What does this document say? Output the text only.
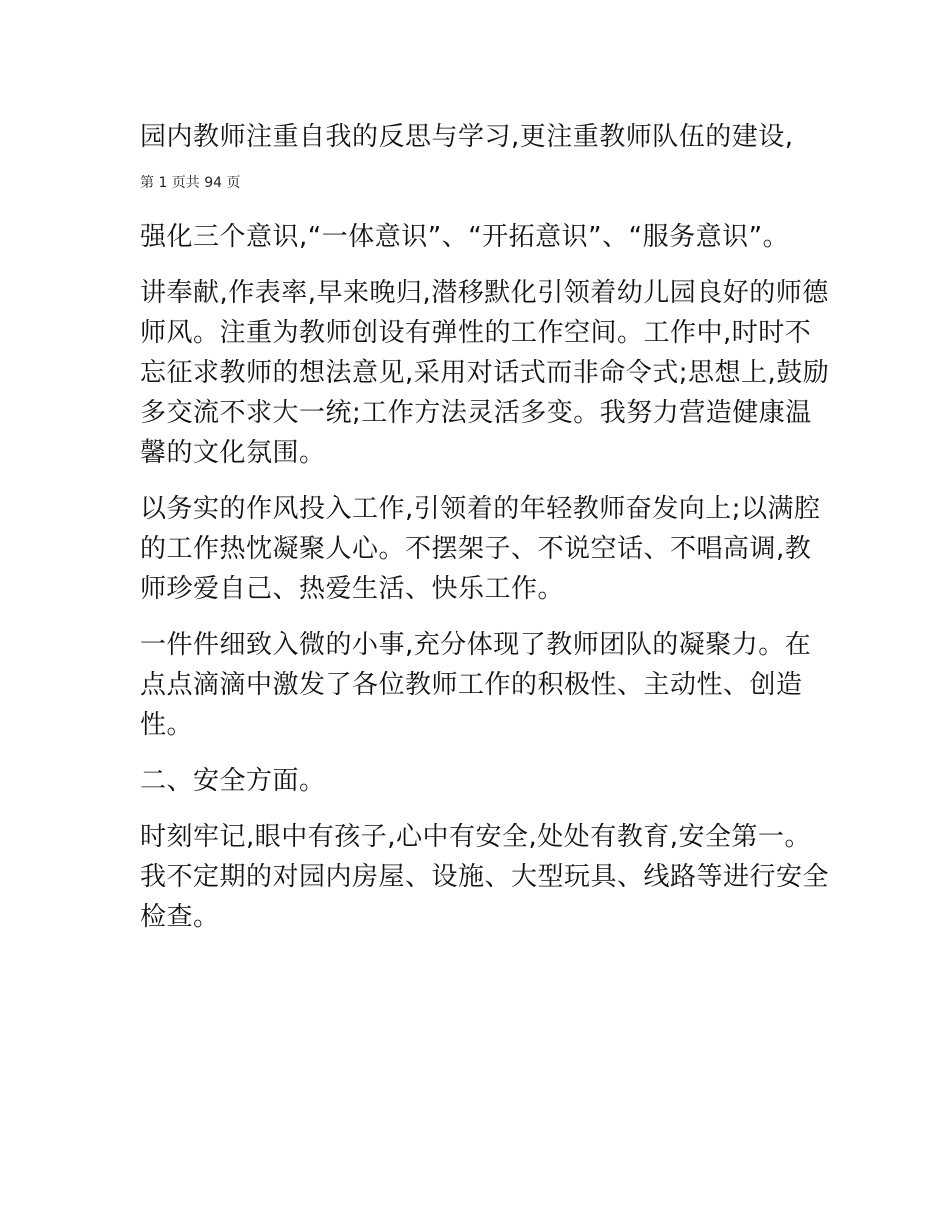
园内教师注重自我的反思与学习,更注重教师队伍的建设,

第 1 页共 94 页

强化三个意识,“一体意识”、“开拓意识”、“服务意识”。

讲奉献,作表率,早来晚归,潜移默化引领着幼儿园良好的师德师风。注重为教师创设有弹性的工作空间。工作中,时时不忘征求教师的想法意见,采用对话式而非命令式;思想上,鼓励多交流不求大一统;工作方法灵活多变。我努力营造健康温馨的文化氛围。

以务实的作风投入工作,引领着的年轻教师奋发向上;以满腔的工作热忱凝聚人心。不摆架子、不说空话、不唱高调,教师珍爱自己、热爱生活、快乐工作。

一件件细致入微的小事,充分体现了教师团队的凝聚力。在点点滴滴中激发了各位教师工作的积极性、主动性、创造性。

二、安全方面。

时刻牢记,眼中有孩子,心中有安全,处处有教育,安全第一。我不定期的对园内房屋、设施、大型玩具、线路等进行安全检查。
